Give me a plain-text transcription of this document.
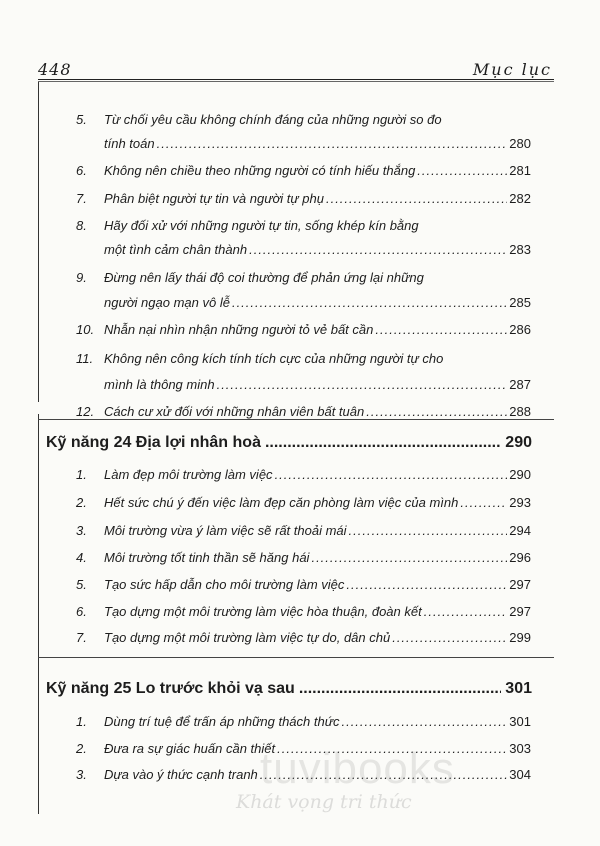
448	Mục lục
5.	Từ chối yêu cầu không chính đáng của những người so đo
tính toán .....	280
6.	Không nên chiều theo những người có tính hiếu thắng .....	281
7.	Phân biệt người tự tin và người tự phụ .....	282
8.	Hãy đối xử với những người tự tin, sống khép kín bằng
một tình cảm chân thành .....	283
9.	Đừng nên lấy thái độ coi thường để phản ứng lại những
người ngạo mạn vô lễ .....	285
10. Nhẫn nại nhìn nhận những người tỏ vẻ bất cần .....	286
11. Không nên công kích tính tích cực của những người tự cho
mình là thông minh .....	287
12. Cách cư xử đối với những nhân viên bất tuân .....	288
Kỹ năng 24 Địa lợi nhân hoà .....	290
1.	Làm đẹp môi trường làm việc .....	290
2.	Hết sức chú ý đến việc làm đẹp căn phòng làm việc của mình .....	293
3.	Môi trường vừa ý làm việc sẽ rất thoải mái .....	294
4.	Môi trường tốt tinh thần sẽ hăng hái .....	296
5.	Tạo sức hấp dẫn cho môi trường làm việc .....	297
6.	Tạo dựng một môi trường làm việc hòa thuận, đoàn kết .....	297
7.	Tạo dựng một môi trường làm việc tự do, dân chủ .....	299
Kỹ năng 25 Lo trước khỏi vạ sau .....	301
1.	Dùng trí tuệ để trấn áp những thách thức .....	301
2.	Đưa ra sự giác huấn cần thiết .....	303
3.	Dựa vào ý thức cạnh tranh .....	304
tuvibooks
Khát vọng tri thức
